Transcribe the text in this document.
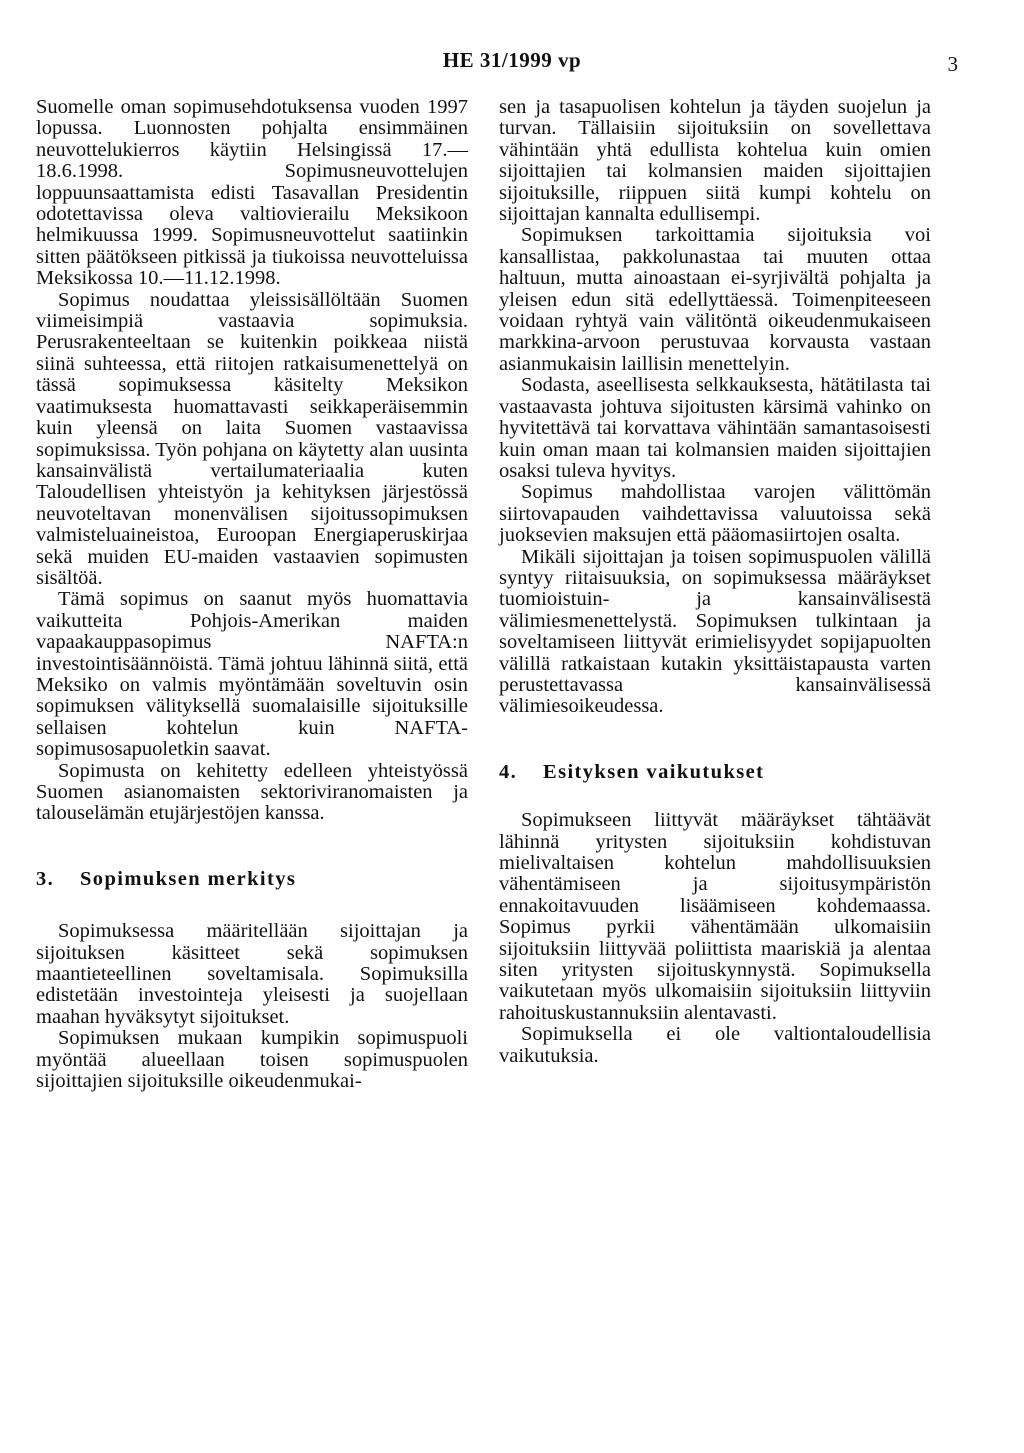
HE 31/1999 vp	3

Suomelle oman sopimusehdotuksensa vuoden 1997 lopussa. Luonnosten pohjalta ensimmäinen neuvottelukierros käytiin Helsingissä 17.—18.6.1998. Sopimusneuvottelujen loppuunsaattamista edisti Tasavallan Presidentin odotettavissa oleva valtiovierailu Meksikoon helmikuussa 1999. Sopimusneuvottelut saatiinkin sitten päätökseen pitkissä ja tiukoissa neuvotteluissa Meksikossa 10.—11.12.1998.

Sopimus noudattaa yleissisällöltään Suomen viimeisimpiä vastaavia sopimuksia. Perusrakenteeltaan se kuitenkin poikkeaa niistä siinä suhteessa, että riitojen ratkaisumenettelyä on tässä sopimuksessa käsitelty Meksikon vaatimuksesta huomattavasti seikkaperäisemmin kuin yleensä on laita Suomen vastaavissa sopimuksissa. Työn pohjana on käytetty alan uusinta kansainvälistä vertailumateriaalia kuten Taloudellisen yhteistyön ja kehityksen järjestössä neuvoteltavan monenvälisen sijoitussopimuksen valmisteluaineistoa, Euroopan Energiaperuskirjaa sekä muiden EU-maiden vastaavien sopimusten sisältöä.

Tämä sopimus on saanut myös huomattavia vaikutteita Pohjois-Amerikan maiden vapaakauppasopimus NAFTA:n investointisäännöistä. Tämä johtuu lähinnä siitä, että Meksiko on valmis myöntämään soveltuvin osin sopimuksen välityksellä suomalaisille sijoituksille sellaisen kohtelun kuin NAFTA-sopimusosapuoletkin saavat.

Sopimusta on kehitetty edelleen yhteistyössä Suomen asianomaisten sektoriviranomaisten ja talouselämän etujärjestöjen kanssa.

3. Sopimuksen merkitys

Sopimuksessa määritellään sijoittajan ja sijoituksen käsitteet sekä sopimuksen maantieteellinen soveltamisala. Sopimuksilla edistetään investointeja yleisesti ja suojellaan maahan hyväksytyt sijoitukset.

Sopimuksen mukaan kumpikin sopimuspuoli myöntää alueellaan toisen sopimuspuolen sijoittajien sijoituksille oikeudenmukai-

sen ja tasapuolisen kohtelun ja täyden suojelun ja turvan. Tällaisiin sijoituksiin on sovellettava vähintään yhtä edullista kohtelua kuin omien sijoittajien tai kolmansien maiden sijoittajien sijoituksille, riippuen siitä kumpi kohtelu on sijoittajan kannalta edullisempi.

Sopimuksen tarkoittamia sijoituksia voi kansallistaa, pakkolunastaa tai muuten ottaa haltuun, mutta ainoastaan ei-syrjivältä pohjalta ja yleisen edun sitä edellyttäessä. Toimenpiteeseen voidaan ryhtyä vain välitöntä oikeudenmukaiseen markkina-arvoon perustuvaa korvausta vastaan asianmukaisin laillisin menettelyin.

Sodasta, aseellisesta selkkauksesta, hätätilasta tai vastaavasta johtuva sijoitusten kärsimä vahinko on hyvitettävä tai korvattava vähintään samantasoisesti kuin oman maan tai kolmansien maiden sijoittajien osaksi tuleva hyvitys.

Sopimus mahdollistaa varojen välittömän siirtovapauden vaihdettavissa valuutoissa sekä juoksevien maksujen että pääomasiirtojen osalta.

Mikäli sijoittajan ja toisen sopimuspuolen välillä syntyy riitaisuuksia, on sopimuksessa määräykset tuomioistuin- ja kansainvälisestä välimiesmenettelystä. Sopimuksen tulkintaan ja soveltamiseen liittyvät erimielisyydet sopijapuolten välillä ratkaistaan kutakin yksittäistapausta varten perustettavassa kansainvälisessä välimiesoikeudessa.

4. Esityksen vaikutukset

Sopimukseen liittyvät määräykset tähtäävät lähinnä yritysten sijoituksiin kohdistuvan mielivaltaisen kohtelun mahdollisuuksien vähentämiseen ja sijoitusympäristön ennakoitavuuden lisäämiseen kohdemaassa. Sopimus pyrkii vähentämään ulkomaisiin sijoituksiin liittyvää poliittista maariskiä ja alentaa siten yritysten sijoituskynnystä. Sopimuksella vaikutetaan myös ulkomaisiin sijoituksiin liittyviin rahoituskustannuksiin alentavasti.

Sopimuksella ei ole valtiontaloudellisia vaikutuksia.
